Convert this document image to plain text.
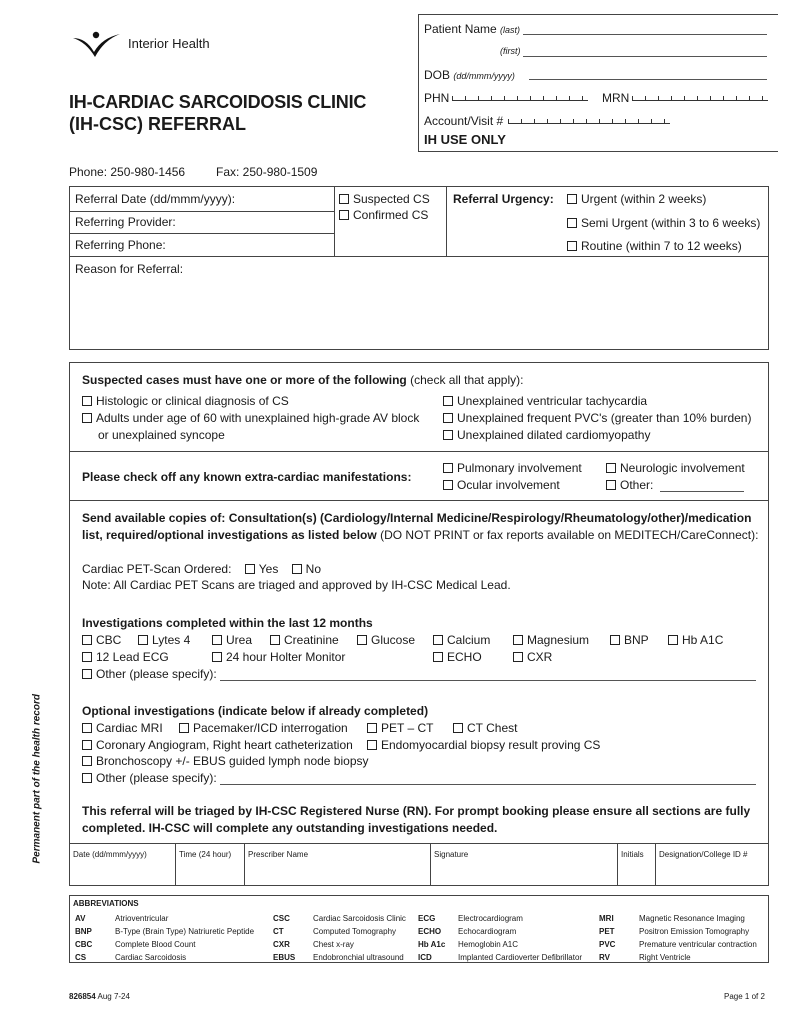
Interior Health
Patient Name (last)
(first)
DOB (dd/mmm/yyyy)
PHN	MRN
Account/Visit #
IH USE ONLY
IH-CARDIAC SARCOIDOSIS CLINIC
(IH-CSC) REFERRAL
Phone: 250-980-1456	Fax: 250-980-1509
Referral Date (dd/mmm/yyyy):
Referring Provider:
Referring Phone:
Suspected CS
Confirmed CS
Referral Urgency:	Urgent (within 2 weeks)
Semi Urgent (within 3 to 6 weeks)
Routine (within 7 to 12 weeks)
Reason for Referral:
Suspected cases must have one or more of the following (check all that apply):
Histologic or clinical diagnosis of CS
Adults under age of 60 with unexplained high-grade AV block
or unexplained syncope
Unexplained ventricular tachycardia
Unexplained frequent PVC's (greater than 10% burden)
Unexplained dilated cardiomyopathy
Please check off any known extra-cardiac manifestations:
Pulmonary involvement
Ocular involvement
Neurologic involvement
Other:
Send available copies of: Consultation(s) (Cardiology/Internal Medicine/Respirology/Rheumatology/other)/medication
list, required/optional investigations as listed below (DO NOT PRINT or fax reports available on MEDITECH/CareConnect):
Cardiac PET-Scan Ordered: Yes No
Note: All Cardiac PET Scans are triaged and approved by IH-CSC Medical Lead.
Investigations completed within the last 12 months
CBC	Lytes 4	Urea	Creatinine	Glucose	Calcium	Magnesium	BNP	Hb A1C
12 Lead ECG	24 hour Holter Monitor	ECHO	CXR
Other (please specify):
Optional investigations (indicate below if already completed)
Cardiac MRI	Pacemaker/ICD interrogation	PET – CT	CT Chest
Coronary Angiogram, Right heart catheterization	Endomyocardial biopsy result proving CS
Bronchoscopy +/- EBUS guided lymph node biopsy
Other (please specify):
This referral will be triaged by IH-CSC Registered Nurse (RN). For prompt booking please ensure all sections are fully
completed. IH-CSC will complete any outstanding investigations needed.
Date (dd/mmm/yyyy)	Time (24 hour) Prescriber Name	Signature	Initials Designation/College ID #
ABBREVIATIONS
AV	Atrioventricular
BNP	B-Type (Brain Type) Natriuretic Peptide
CBC	Complete Blood Count
CS	Cardiac Sarcoidosis
CSC	Cardiac Sarcoidosis Clinic
CT	Computed Tomography
CXR	Chest x-ray
EBUS	Endobronchial ultrasound
ECG	Electrocardiogram
ECHO	Echocardiogram
Hb A1c	Hemoglobin A1C
ICD	Implanted Cardioverter Defibrillator
MRI	Magnetic Resonance Imaging
PET	Positron Emission Tomography
PVC	Premature ventricular contraction
RV	Right Ventricle
Permanent part of the health record
826854 Aug 7-24	Page 1 of 2
